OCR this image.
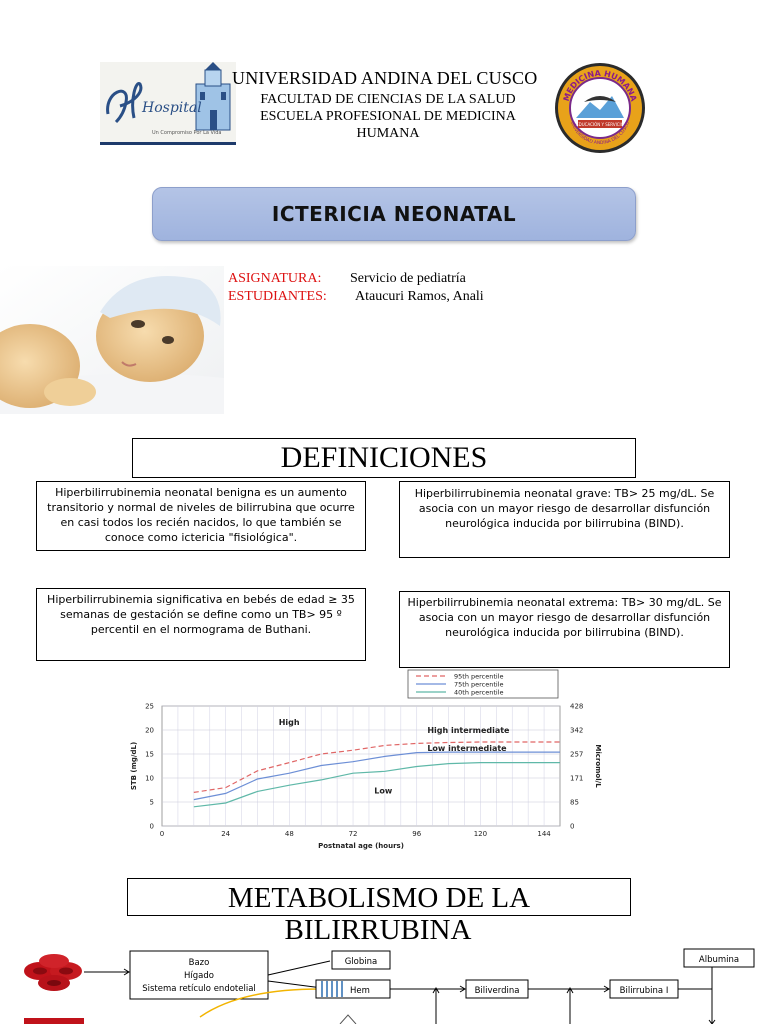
Hospital
Un Compromiso Por La Vida
UNIVERSIDAD ANDINA DEL CUSCO
FACULTAD DE CIENCIAS DE LA SALUD
ESCUELA PROFESIONAL DE MEDICINA
HUMANA
MEDICINA HUMANA
UNIVERSIDAD ANDINA DEL CUSCO
EDUCACIÓN Y SERVICIO
ICTERICIA NEONATAL
ASIGNATURA: Servicio de pediatría
ESTUDIANTES: Ataucuri Ramos, Anali
DEFINICIONES
Hiperbilirrubinemia neonatal benigna es un aumento transitorio y normal de niveles de bilirrubina que ocurre en casi todos los recién nacidos, lo que también se conoce como ictericia "fisiológica".
Hiperbilirrubinemia neonatal grave: TB> 25 mg/dL. Se asocia con un mayor riesgo de desarrollar disfunción neurológica inducida por bilirrubina (BIND).
Hiperbilirrubinemia significativa en bebés de edad ≥ 35 semanas de gestación se define como un TB> 95 º percentil en el normograma de Buthani.
Hiperbilirrubinemia neonatal extrema: TB> 30 mg/dL. Se asocia con un mayor riesgo de desarrollar disfunción neurológica inducida por bilirrubina (BIND).
0	24	48	72	96	120	144
0
5
10
15
20
25
0
85
171
257
342
428
95th percentile
75th percentile
40th percentile
Postnatal age (hours)
STB (mg/dL)	Micromol/L
High
High intermediate
Low intermediate
Low
METABOLISMO DE LA
BILIRRUBINA
Bazo
Hígado
Sistema retículo endotelial
Globina
Hem	Biliverdina	Bilirrubina I
Albumina
